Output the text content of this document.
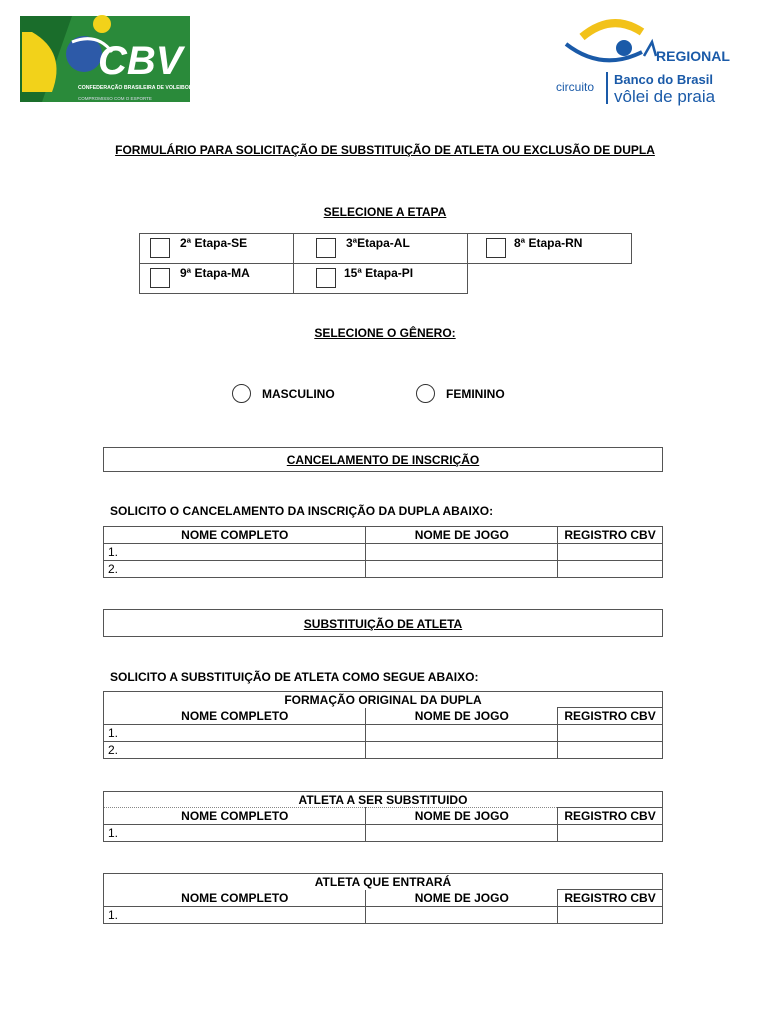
CBV
CONFEDERAÇÃO BRASILEIRA DE VOLEIBOL
COMPROMISSO COM O ESPORTE
REGIONAL
circuito Banco do Brasil
vôlei de praia
FORMULÁRIO PARA SOLICITAÇÃO DE SUBSTITUIÇÃO DE ATLETA OU EXCLUSÃO DE DUPLA
SELECIONE A ETAPA
2ª Etapa-SE	3ªEtapa-AL	8ª Etapa-RN
9ª Etapa-MA	15ª Etapa-PI
SELECIONE O GÊNERO:
MASCULINO	FEMININO
CANCELAMENTO DE INSCRIÇÃO
SOLICITO O CANCELAMENTO DA INSCRIÇÃO DA DUPLA ABAIXO:
NOME COMPLETO	NOME DE JOGO	REGISTRO CBV
1.		
2.		
SUBSTITUIÇÃO DE ATLETA
SOLICITO A SUBSTITUIÇÃO DE ATLETA COMO SEGUE ABAIXO:
FORMAÇÃO ORIGINAL DA DUPLA		
NOME COMPLETO	NOME DE JOGO	REGISTRO CBV
1.		
2.		
ATLETA A SER SUBSTITUIDO		
NOME COMPLETO	NOME DE JOGO	REGISTRO CBV
1.		
ATLETA QUE ENTRARÁ		
NOME COMPLETO	NOME DE JOGO	REGISTRO CBV
1.		
